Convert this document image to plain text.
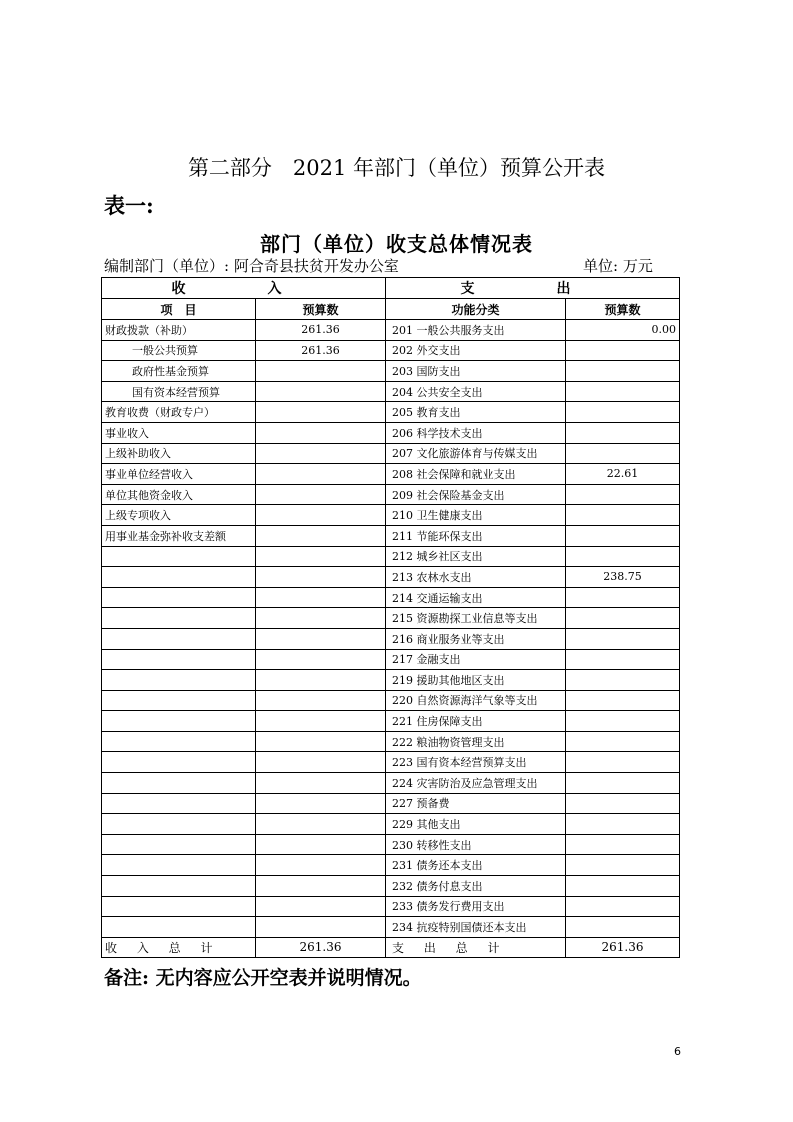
第二部分　2021 年部门（单位）预算公开表
表一:
部门（单位）收支总体情况表
编制部门（单位）: 阿合奇县扶贫开发办公室	单位: 万元
收　入		支　出	
项　目	预算数	功能分类	预算数
财政拨款（补助）	261.36	201 一般公共服务支出	0.00
一般公共预算	261.36	202 外交支出	
政府性基金预算		203 国防支出	
国有资本经营预算		204 公共安全支出	
教育收费（财政专户）		205 教育支出	
事业收入		206 科学技术支出	
上级补助收入		207 文化旅游体育与传媒支出	
事业单位经营收入		208 社会保障和就业支出	22.61
单位其他资金收入		209 社会保险基金支出	
上级专项收入		210 卫生健康支出	
用事业基金弥补收支差额		211 节能环保支出	
		212 城乡社区支出	
		213 农林水支出	238.75
		214 交通运输支出	
		215 资源勘探工业信息等支出	
		216 商业服务业等支出	
		217 金融支出	
		219 援助其他地区支出	
		220 自然资源海洋气象等支出	
		221 住房保障支出	
		222 粮油物资管理支出	
		223 国有资本经营预算支出	
		224 灾害防治及应急管理支出	
		227 预备费	
		229 其他支出	
		230 转移性支出	
		231 债务还本支出	
		232 债务付息支出	
		233 债务发行费用支出	
		234 抗疫特别国债还本支出	
收 入 总 计	261.36	支 出 总 计	261.36
备注: 无内容应公开空表并说明情况。
6
